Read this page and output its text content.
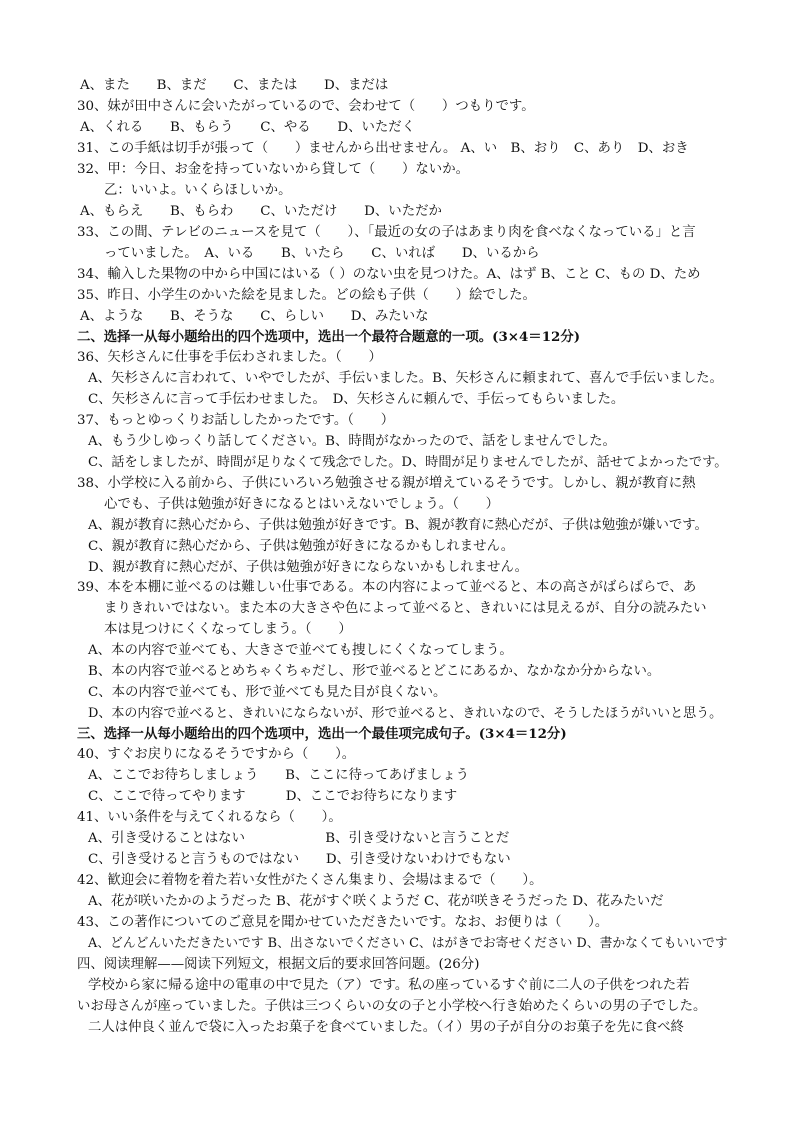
A、また　　B、まだ　　C、または　　D、まだは
30、妹が田中さんに会いたがっているので、会わせて（　　）つもりです。
A、くれる　　B、もらう　　C、やる　　D、いただく
31、この手紙は切手が張って（　　）ませんから出せません。 A、い　B、おり　C、あり　D、おき
32、甲：今日、お金を持っていないから貸して（　　）ないか。
乙：いいよ。いくらほしいか。
A、もらえ　　B、もらわ　　C、いただけ　　D、いただか
33、この間、テレビのニュースを見て（　　）、「最近の女の子はあまり肉を食べなくなっている」と言
っていました。　A、いる　　B、いたら　　C、いれば　　D、いるから
34、輸入した果物の中から中国にはいる（ ）のない虫を見つけた。A、はず B、こと C、もの D、ため
35、昨日、小学生のかいた絵を見ました。どの絵も子供（　　）絵でした。
A、ような　　B、そうな　　C、らしい　　D、みたいな
二、选择一从每小题给出的四个选项中，选出一个最符合题意的一项。(3×4＝12分)
36、矢杉さんに仕事を手伝わされました。（　　）
A、矢杉さんに言われて、いやでしたが、手伝いました。B、矢杉さんに頼まれて、喜んで手伝いました。
C、矢杉さんに言って手伝わせました。　D、矢杉さんに頼んで、手伝ってもらいました。
37、もっとゆっくりお話ししたかったです。（　　）
A、もう少しゆっくり話してください。B、時間がなかったので、話をしませんでした。
C、話をしましたが、時間が足りなくて残念でした。D、時間が足りませんでしたが、話せてよかったです。
38、小学校に入る前から、子供にいろいろ勉強させる親が増えているそうです。しかし、親が教育に熱
心でも、子供は勉強が好きになるとはいえないでしょう。（　　）
A、親が教育に熱心だから、子供は勉強が好きです。B、親が教育に熱心だが、子供は勉強が嫌いです。
C、親が教育に熱心だから、子供は勉強が好きになるかもしれません。
D、親が教育に熱心だが、子供は勉強が好きにならないかもしれません。
39、本を本棚に並べるのは難しい仕事である。本の内容によって並べると、本の高さがばらばらで、あ
まりきれいではない。また本の大きさや色によって並べると、きれいには見えるが、自分の読みたい
本は見つけにくくなってしまう。（　　）
A、本の内容で並べても、大きさで並べても捜しにくくなってしまう。
B、本の内容で並べるとめちゃくちゃだし、形で並べるとどこにあるか、なかなか分からない。
C、本の内容で並べても、形で並べても見た目が良くない。
D、本の内容で並べると、きれいにならないが、形で並べると、きれいなので、そうしたほうがいいと思う。
三、选择一从每小题给出的四个选项中，选出一个最佳项完成句子。(3×4＝12分)
40、すぐお戻りになるそうですから（　　）。
A、ここでお待ちしましょう　　B、ここに待ってあげましょう
C、ここで待ってやります　　　D、ここでお待ちになります
41、いい条件を与えてくれるなら（　　）。
A、引き受けることはない　　　　　　B、引き受けないと言うことだ
C、引き受けると言うものではない　　D、引き受けないわけでもない
42、歓迎会に着物を着た若い女性がたくさん集まり、会場はまるで（　　）。
A、花が咲いたかのようだった B、花がすぐ咲くようだ C、花が咲きそうだった D、花みたいだ
43、この著作についてのご意見を聞かせていただきたいです。なお、お便りは（　　）。
A、どんどんいただきたいです B、出さないでください C、はがきでお寄せください D、書かなくてもいいです
四、阅读理解——阅读下列短文，根据文后的要求回答问题。(26分)
学校から家に帰る途中の電車の中で見た（ア）です。私の座っているすぐ前に二人の子供をつれた若
いお母さんが座っていました。子供は三つくらいの女の子と小学校へ行き始めたくらいの男の子でした。
二人は仲良く並んで袋に入ったお菓子を食べていました。（イ）男の子が自分のお菓子を先に食べ終
